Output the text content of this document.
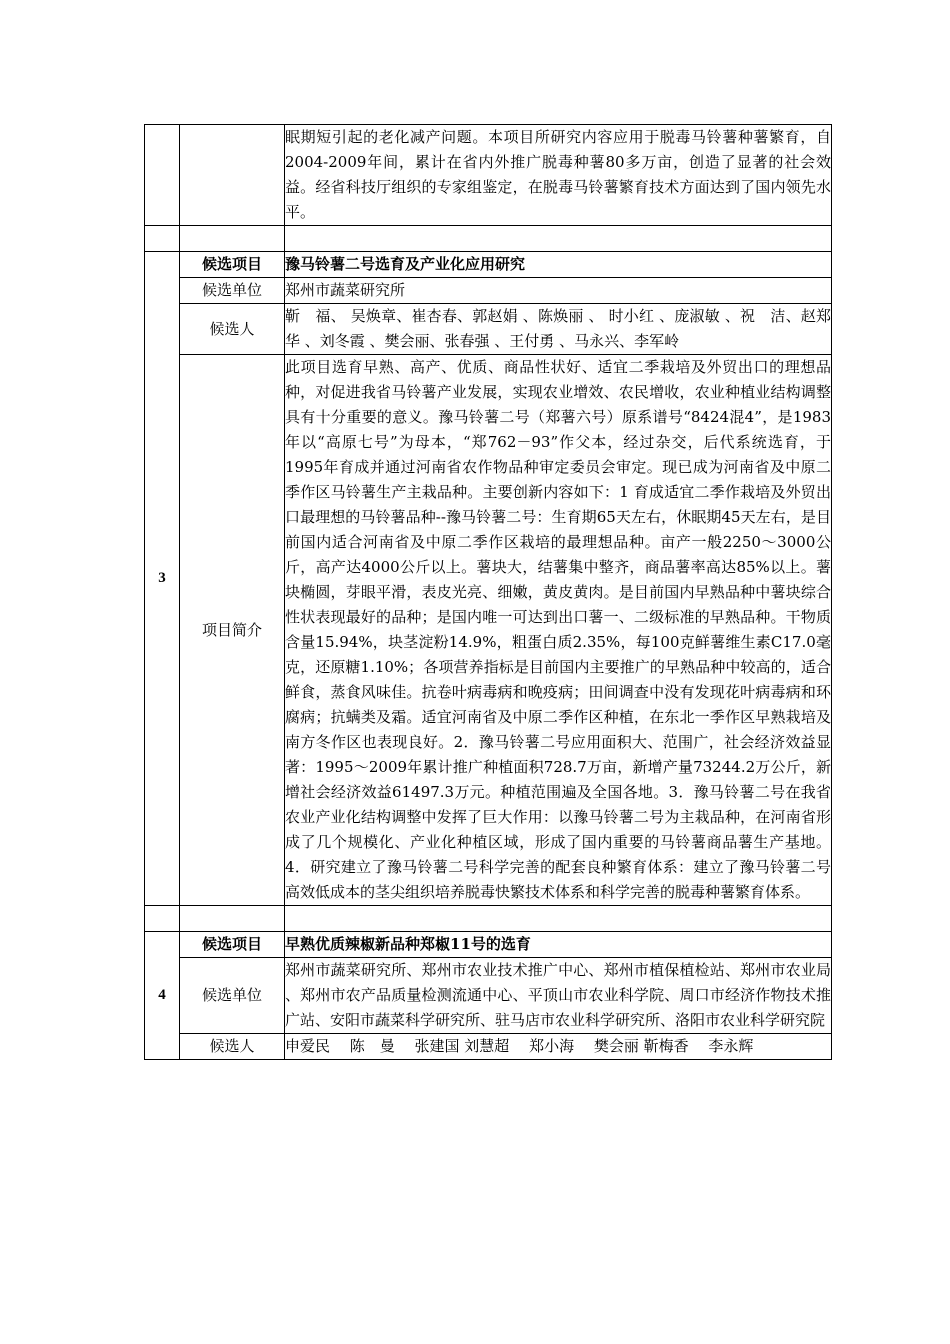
		眠期短引起的老化减产问题。本项目所研究内容应用于脱毒马铃薯种薯繁育，自2004-2009年间，累计在省内外推广脱毒种薯80多万亩，创造了显著的社会效益。经省科技厅组织的专家组鉴定，在脱毒马铃薯繁育技术方面达到了国内领先水平。

3	候选项目	豫马铃薯二号选育及产业化应用研究
	候选单位	郑州市蔬菜研究所
	候选人	靳　福、 吴焕章、崔杏春、郭赵娟 、陈焕丽 、 时小红 、庞淑敏 、祝　洁、赵郑华 、刘冬霞 、樊会丽、张春强 、王付勇 、马永兴、李军岭
	项目简介	此项目选育早熟、高产、优质、商品性状好、适宜二季栽培及外贸出口的理想品种，对促进我省马铃薯产业发展，实现农业增效、农民增收，农业种植业结构调整具有十分重要的意义。豫马铃薯二号（郑薯六号）原系谱号“8424混4”，是1983年以“高原七号”为母本，“郑762－93”作父本，经过杂交，后代系统选育，于1995年育成并通过河南省农作物品种审定委员会审定。现已成为河南省及中原二季作区马铃薯生产主栽品种。主要创新内容如下：1 育成适宜二季作栽培及外贸出口最理想的马铃薯品种--豫马铃薯二号：生育期65天左右，休眠期45天左右，是目前国内适合河南省及中原二季作区栽培的最理想品种。亩产一般2250～3000公斤，高产达4000公斤以上。薯块大，结薯集中整齐，商品薯率高达85%以上。薯块椭圆，芽眼平滑，表皮光亮、细嫩，黄皮黄肉。是目前国内早熟品种中薯块综合性状表现最好的品种；是国内唯一可达到出口薯一、二级标准的早熟品种。干物质含量15.94%，块茎淀粉14.9%，粗蛋白质2.35%，每100克鲜薯维生素C17.0毫克，还原糖1.10%；各项营养指标是目前国内主要推广的早熟品种中较高的，适合鲜食，蒸食风味佳。抗卷叶病毒病和晚疫病；田间调查中没有发现花叶病毒病和环腐病；抗螨类及霜。适宜河南省及中原二季作区种植，在东北一季作区早熟栽培及南方冬作区也表现良好。2．豫马铃薯二号应用面积大、范围广，社会经济效益显著：1995～2009年累计推广种植面积728.7万亩，新增产量73244.2万公斤，新增社会经济效益61497.3万元。种植范围遍及全国各地。3．豫马铃薯二号在我省农业产业化结构调整中发挥了巨大作用：以豫马铃薯二号为主栽品种，在河南省形成了几个规模化、产业化种植区域，形成了国内重要的马铃薯商品薯生产基地。4．研究建立了豫马铃薯二号科学完善的配套良种繁育体系：建立了豫马铃薯二号高效低成本的茎尖组织培养脱毒快繁技术体系和科学完善的脱毒种薯繁育体系。

4	候选项目	早熟优质辣椒新品种郑椒11号的选育
	候选单位	郑州市蔬菜研究所、郑州市农业技术推广中心、郑州市植保植检站、郑州市农业局 、郑州市农产品质量检测流通中心、平顶山市农业科学院、周口市经济作物技术推广站、安阳市蔬菜科学研究所、驻马店市农业科学研究所、洛阳市农业科学研究院
	候选人	申爱民　 陈　曼　 张建国 刘慧超　 郑小海　 樊会丽 靳梅香　 李永辉
